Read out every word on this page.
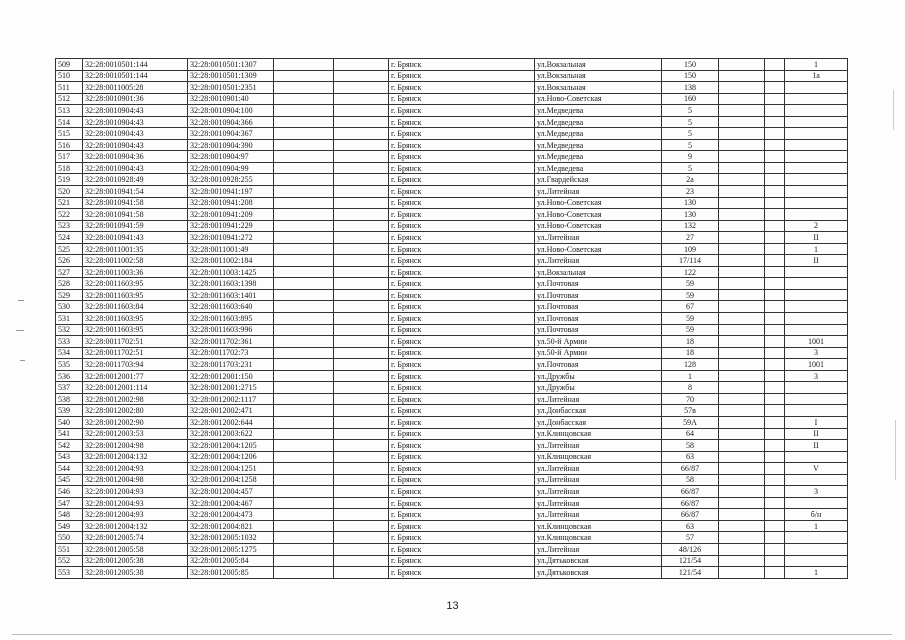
509	32:28:0010501:144	32:28:0010501:1307			г. Брянск	ул.Вокзальная	150			1
510	32:28:0010501:144	32:28:0010501:1309			г. Брянск	ул.Вокзальная	150			1а
511	32:28:0011005:28	32:28:0010501:2351			г. Брянск	ул.Вокзальная	138			
512	32:28:0010901:36	32:28:0010901:40			г. Брянск	ул.Ново-Советская	160			
513	32:28:0010904:43	32:28:0010904:100			г. Брянск	ул.Медведева	5			
514	32:28:0010904:43	32:28:0010904:366			г. Брянск	ул.Медведева	5			
515	32:28:0010904:43	32:28:0010904:367			г. Брянск	ул.Медведева	5			
516	32:28:0010904:43	32:28:0010904:390			г. Брянск	ул.Медведева	5			
517	32:28:0010904:36	32:28:0010904:97			г. Брянск	ул.Медведева	9			
518	32:28:0010904:43	32:28:0010904:99			г. Брянск	ул.Медведева	5			
519	32:28:0010928:49	32:28:0010928:255			г. Брянск	ул.Гвардейская	2а			
520	32:28:0010941:54	32:28:0010941:197			г. Брянск	ул.Литейная	23			
521	32:28:0010941:58	32:28:0010941:208			г. Брянск	ул.Ново-Советская	130			
522	32:28:0010941:58	32:28:0010941:209			г. Брянск	ул.Ново-Советская	130			
523	32:28:0010941:59	32:28:0010941:229			г. Брянск	ул.Ново-Советская	132			2
524	32:28:0010941:43	32:28:0010941:272			г. Брянск	ул.Литейная	27			II
525	32:28:0011001:35	32:28:0011001:49			г. Брянск	ул.Ново-Советская	109			1
526	32:28:0011002:58	32:28:0011002:184			г. Брянск	ул.Литейная	17/114			II
527	32:28:0011003:36	32:28:0011003:1425			г. Брянск	ул.Вокзальная	122			
528	32:28:0011603:95	32:28:0011603:1398			г. Брянск	ул.Почтовая	59			
529	32:28:0011603:95	32:28:0011603:1401			г. Брянск	ул.Почтовая	59			
530	32:28:0011603:84	32:28:0011603:640			г. Брянск	ул.Почтовая	67			
531	32:28:0011603:95	32:28:0011603:895			г. Брянск	ул.Почтовая	59			
532	32:28:0011603:95	32:28:0011603:996			г. Брянск	ул.Почтовая	59			
533	32:28:0011702:51	32:28:0011702:361			г. Брянск	ул.50-й Армии	18			1001
534	32:28:0011702:51	32:28:0011702:73			г. Брянск	ул.50-й Армии	18			3
535	32:28:0011703:94	32:28:0011703:231			г. Брянск	ул.Почтовая	128			1001
536	32:28:0012001:77	32:28:0012001:150			г. Брянск	ул.Дружбы	1			3
537	32:28:0012001:114	32:28:0012001:2715			г. Брянск	ул.Дружбы	8			
538	32:28:0012002:98	32:28:0012002:1117			г. Брянск	ул.Литейная	70			
539	32:28:0012002:80	32:28:0012002:471			г. Брянск	ул.Донбасская	57в			
540	32:28:0012002:90	32:28:0012002:644			г. Брянск	ул.Донбасская	59А			I
541	32:28:0012003:53	32:28:0012003:622			г. Брянск	ул.Клинцовская	64			II
542	32:28:0012004:98	32:28:0012004:1205			г. Брянск	ул.Литейная	58			II
543	32:28:0012004:132	32:28:0012004:1206			г. Брянск	ул.Клинцовская	63			
544	32:28:0012004:93	32:28:0012004:1251			г. Брянск	ул.Литейная	66/87			V
545	32:28:0012004:98	32:28:0012004:1258			г. Брянск	ул.Литейная	58			
546	32:28:0012004:93	32:28:0012004:457			г. Брянск	ул.Литейная	66/87			3
547	32:28:0012004:93	32:28:0012004:467			г. Брянск	ул.Литейная	66/87			
548	32:28:0012004:93	32:28:0012004:473			г. Брянск	ул.Литейная	66/87			б/н
549	32:28:0012004:132	32:28:0012004:821			г. Брянск	ул.Клинцовская	63			1
550	32:28:0012005:74	32:28:0012005:1032			г. Брянск	ул.Клинцовская	57			
551	32:28:0012005:58	32:28:0012005:1275			г. Брянск	ул.Литейная	48/126			
552	32:28:0012005:38	32:28:0012005:84			г. Брянск	ул.Дятьковская	121/54			
553	32:28:0012005:38	32:28:0012005:85			г. Брянск	ул.Дятьковская	121/54			1
13
